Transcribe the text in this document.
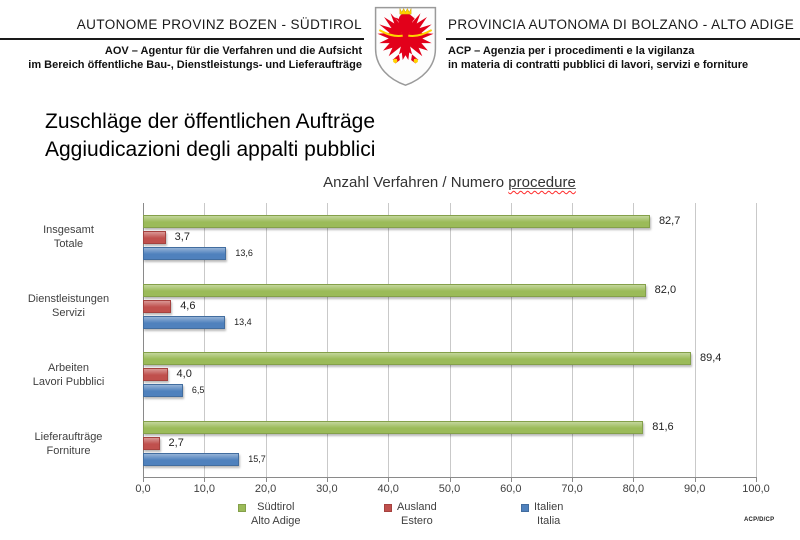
AUTONOME PROVINZ BOZEN - SÜDTIROL
AOV – Agentur für die Verfahren und die Aufsicht
im Bereich öffentliche Bau-, Dienstleistungs- und Lieferaufträge
PROVINCIA AUTONOMA DI BOLZANO - ALTO ADIGE
ACP – Agenzia per i procedimenti e la vigilanza
in materia di contratti pubblici di lavori, servizi e forniture
Zuschläge der öffentlichen Aufträge
Aggiudicazioni degli appalti pubblici
Anzahl Verfahren / Numero procedure
Insgesamt
Totale
Dienstleistungen
Servizi
Arbeiten
Lavori Pubblici
Lieferaufträge
Forniture
82,7
82,0
89,4
81,6
3,7
4,6
4,0
2,7
13,6
13,4
6,5
15,7
0,0	10,0	20,0	30,0	40,0	50,0	60,0	70,0	80,0	90,0	100,0
Südtirol
Alto Adige
Ausland
Estero
Italien
Italia	ACP/D/CP
